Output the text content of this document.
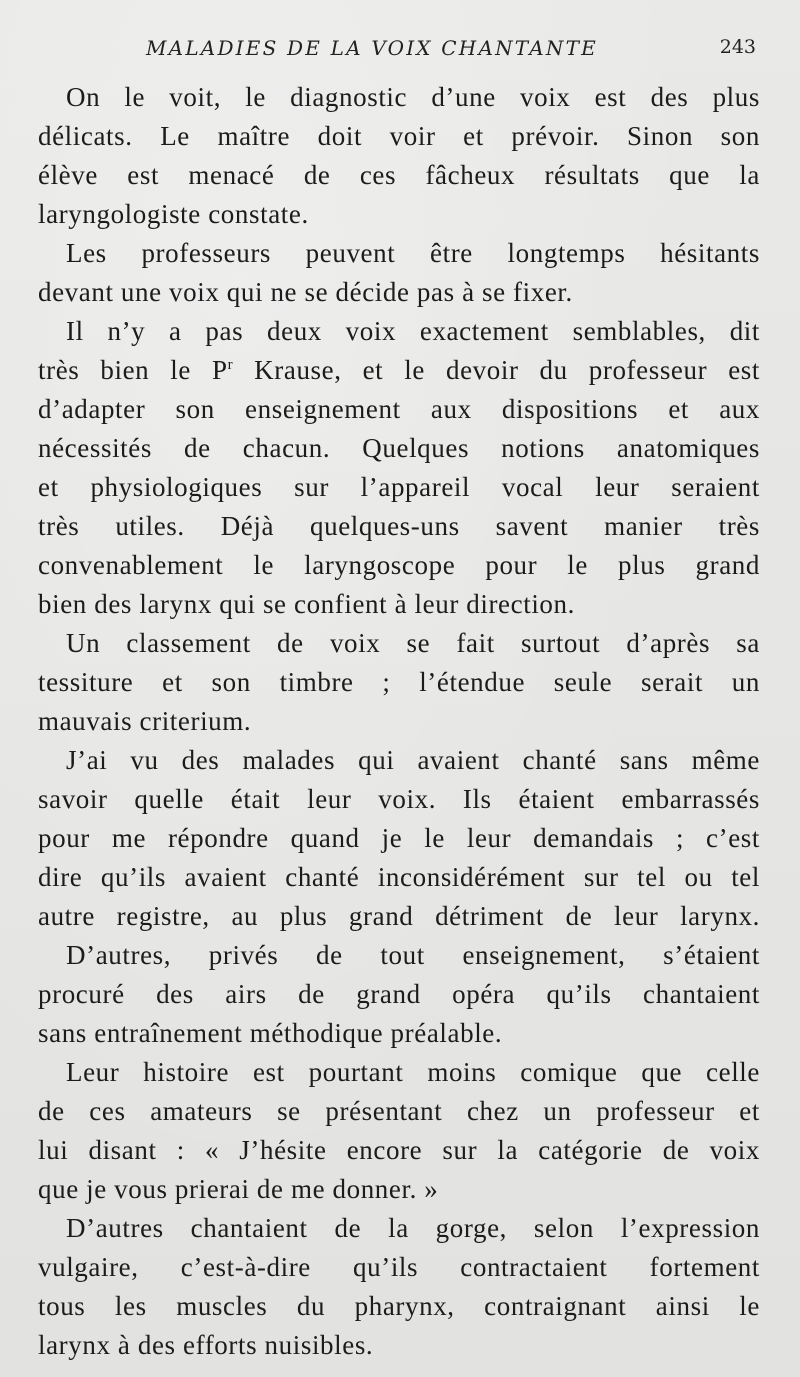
MALADIES DE LA VOIX CHANTANTE	243
On le voit, le diagnostic d’une voix est des plus
délicats. Le maître doit voir et prévoir. Sinon son
élève est menacé de ces fâcheux résultats que la
laryngologiste constate.
Les professeurs peuvent être longtemps hésitants
devant une voix qui ne se décide pas à se fixer.
Il n’y a pas deux voix exactement semblables, dit
très bien le $P^r$ Krause, et le devoir du professeur est
d’adapter son enseignement aux dispositions et aux
nécessités de chacun. Quelques notions anatomiques
et physiologiques sur l’appareil vocal leur seraient
très utiles. Déjà quelques-uns savent manier très
convenablement le laryngoscope pour le plus grand
bien des larynx qui se confient à leur direction.
Un classement de voix se fait surtout d’après sa
tessiture et son timbre ; l’étendue seule serait un
mauvais criterium.
J’ai vu des malades qui avaient chanté sans même
savoir quelle était leur voix. Ils étaient embarrassés
pour me répondre quand je le leur demandais ; c’est
dire qu’ils avaient chanté inconsidérément sur tel ou tel
autre registre, au plus grand détriment de leur larynx.
D’autres, privés de tout enseignement, s’étaient
procuré des airs de grand opéra qu’ils chantaient
sans entraînement méthodique préalable.
Leur histoire est pourtant moins comique que celle
de ces amateurs se présentant chez un professeur et
lui disant : « J’hésite encore sur la catégorie de voix
que je vous prierai de me donner. »
D’autres chantaient de la gorge, selon l’expression
vulgaire, c’est-à-dire qu’ils contractaient fortement
tous les muscles du pharynx, contraignant ainsi le
larynx à des efforts nuisibles.
